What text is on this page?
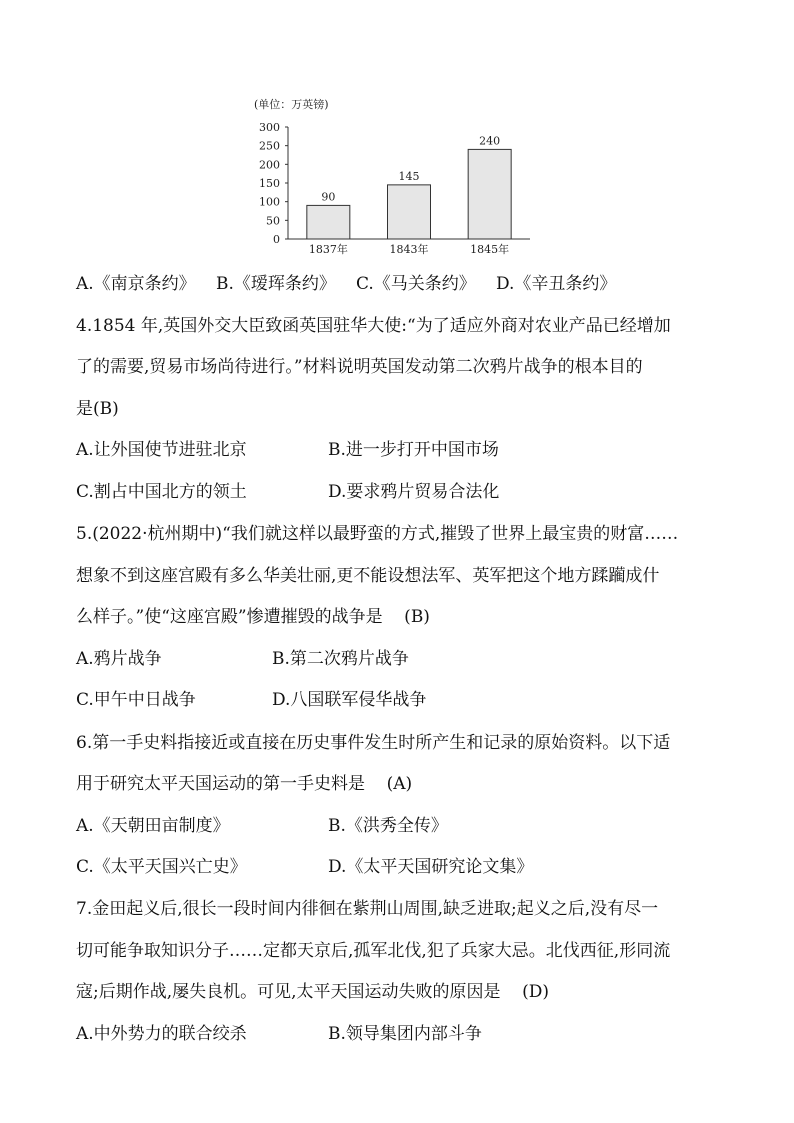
(单位：万英镑)
0
50
100
150
200
250
300
90
1837年
145
1843年
240
1845年
A.《南京条约》 B.《瑷珲条约》 C.《马关条约》 D.《辛丑条约》
4.1854 年,英国外交大臣致函英国驻华大使:“为了适应外商对农业产品已经增加
了的需要,贸易市场尚待进行。”材料说明英国发动第二次鸦片战争的根本目的
是(B)
A.让外国使节进驻北京	B.进一步打开中国市场
C.割占中国北方的领土	D.要求鸦片贸易合法化
5.(2022·杭州期中)“我们就这样以最野蛮的方式,摧毁了世界上最宝贵的财富……
想象不到这座宫殿有多么华美壮丽,更不能设想法军、英军把这个地方蹂躏成什
么样子。”使“这座宫殿”惨遭摧毁的战争是    (B)
A.鸦片战争	B.第二次鸦片战争
C.甲午中日战争	D.八国联军侵华战争
6.第一手史料指接近或直接在历史事件发生时所产生和记录的原始资料。以下适
用于研究太平天国运动的第一手史料是    (A)
A.《天朝田亩制度》	B.《洪秀全传》
C.《太平天国兴亡史》	D.《太平天国研究论文集》
7.金田起义后,很长一段时间内徘徊在紫荆山周围,缺乏进取;起义之后,没有尽一
切可能争取知识分子……定都天京后,孤军北伐,犯了兵家大忌。北伐西征,形同流
寇;后期作战,屡失良机。可见,太平天国运动失败的原因是    (D)
A.中外势力的联合绞杀	B.领导集团内部斗争
